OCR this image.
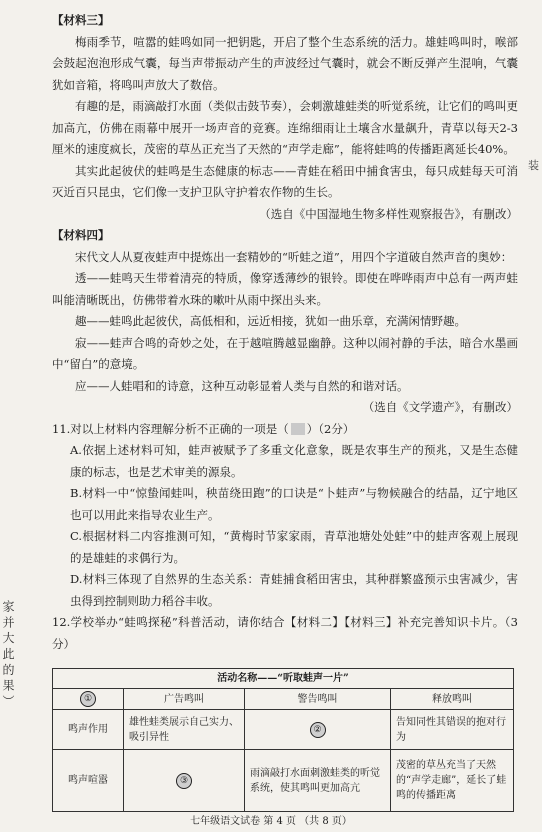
家 并 大 此 的 果 ）
装

【材料三】

梅雨季节，喧嚣的蛙鸣如同一把钥匙，开启了整个生态系统的活力。雄蛙鸣叫时，喉部会鼓起泡泡形成气囊，每当声带振动产生的声波经过气囊时，就会不断反弹产生混响，气囊犹如音箱，将鸣叫声放大了数倍。

有趣的是，雨滴敲打水面（类似击鼓节奏），会刺激雄蛙类的听觉系统，让它们的鸣叫更加高亢，仿佛在雨幕中展开一场声音的竞赛。连绵细雨让土壤含水量飙升，青草以每天2-3厘米的速度疯长，茂密的草丛正充当了天然的“声学走廊”，能将蛙鸣的传播距离延长40%。

其实此起彼伏的蛙鸣是生态健康的标志——青蛙在稻田中捕食害虫，每只成蛙每天可消灭近百只昆虫，它们像一支护卫队守护着农作物的生长。

（选自《中国湿地生物多样性观察报告》，有删改）

【材料四】

宋代文人从夏夜蛙声中提炼出一套精妙的“听蛙之道”，用四个字道破自然声音的奥妙：

透——蛙鸣天生带着清亮的特质，像穿透薄纱的银铃。即使在哗哗雨声中总有一两声蛙叫能清晰既出，仿佛带着水珠的嗽叶从雨中探出头来。

趣——蛙鸣此起彼伏，高低相和，远近相接，犹如一曲乐章，充满闲情野趣。

寂——蛙声合鸣的奇妙之处，在于越喧腾越显幽静。这种以闹衬静的手法，暗合水墨画中“留白”的意境。

应——人蛙唱和的诗意，这种互动彰显着人类与自然的和谐对话。

（选自《文学遗产》，有删改）

11.对以上材料内容理解分析不正确的一项是（ ）（2分）

A.依据上述材料可知，蛙声被赋予了多重文化意象，既是农事生产的预兆，又是生态健康的标志，也是艺术审美的源泉。

B.材料一中“惊蛰闻蛙叫，秧苗绕田跑”的口诀是“卜蛙声”与物候融合的结晶，辽宁地区也可以用此来指导农业生产。

C.根据材料二内容推测可知，“黄梅时节家家雨，青草池塘处处蛙”中的蛙声客观上展现的是雄蛙的求偶行为。

D.材料三体现了自然界的生态关系：青蛙捕食稻田害虫，其种群繁盛预示虫害减少，害虫得到控制则助力稻谷丰收。

12.学校举办“蛙鸣探秘”科普活动，请你结合【材料二】【材料三】补充完善知识卡片。（3分）

活动名称——“听取蛙声一片”			
①	广告鸣叫	警告鸣叫	释放鸣叫
鸣声作用	雄性蛙类展示自己实力、吸引异性	②	告知同性其错误的抱对行为
鸣声喧嚣	③	雨滴敲打水面刺激蛙类的听觉系统，使其鸣叫更加高亢	茂密的草丛充当了天然的“声学走廊”，延长了蛙鸣的传播距离
七年级语文试卷 第 4 页 （共 8 页）
